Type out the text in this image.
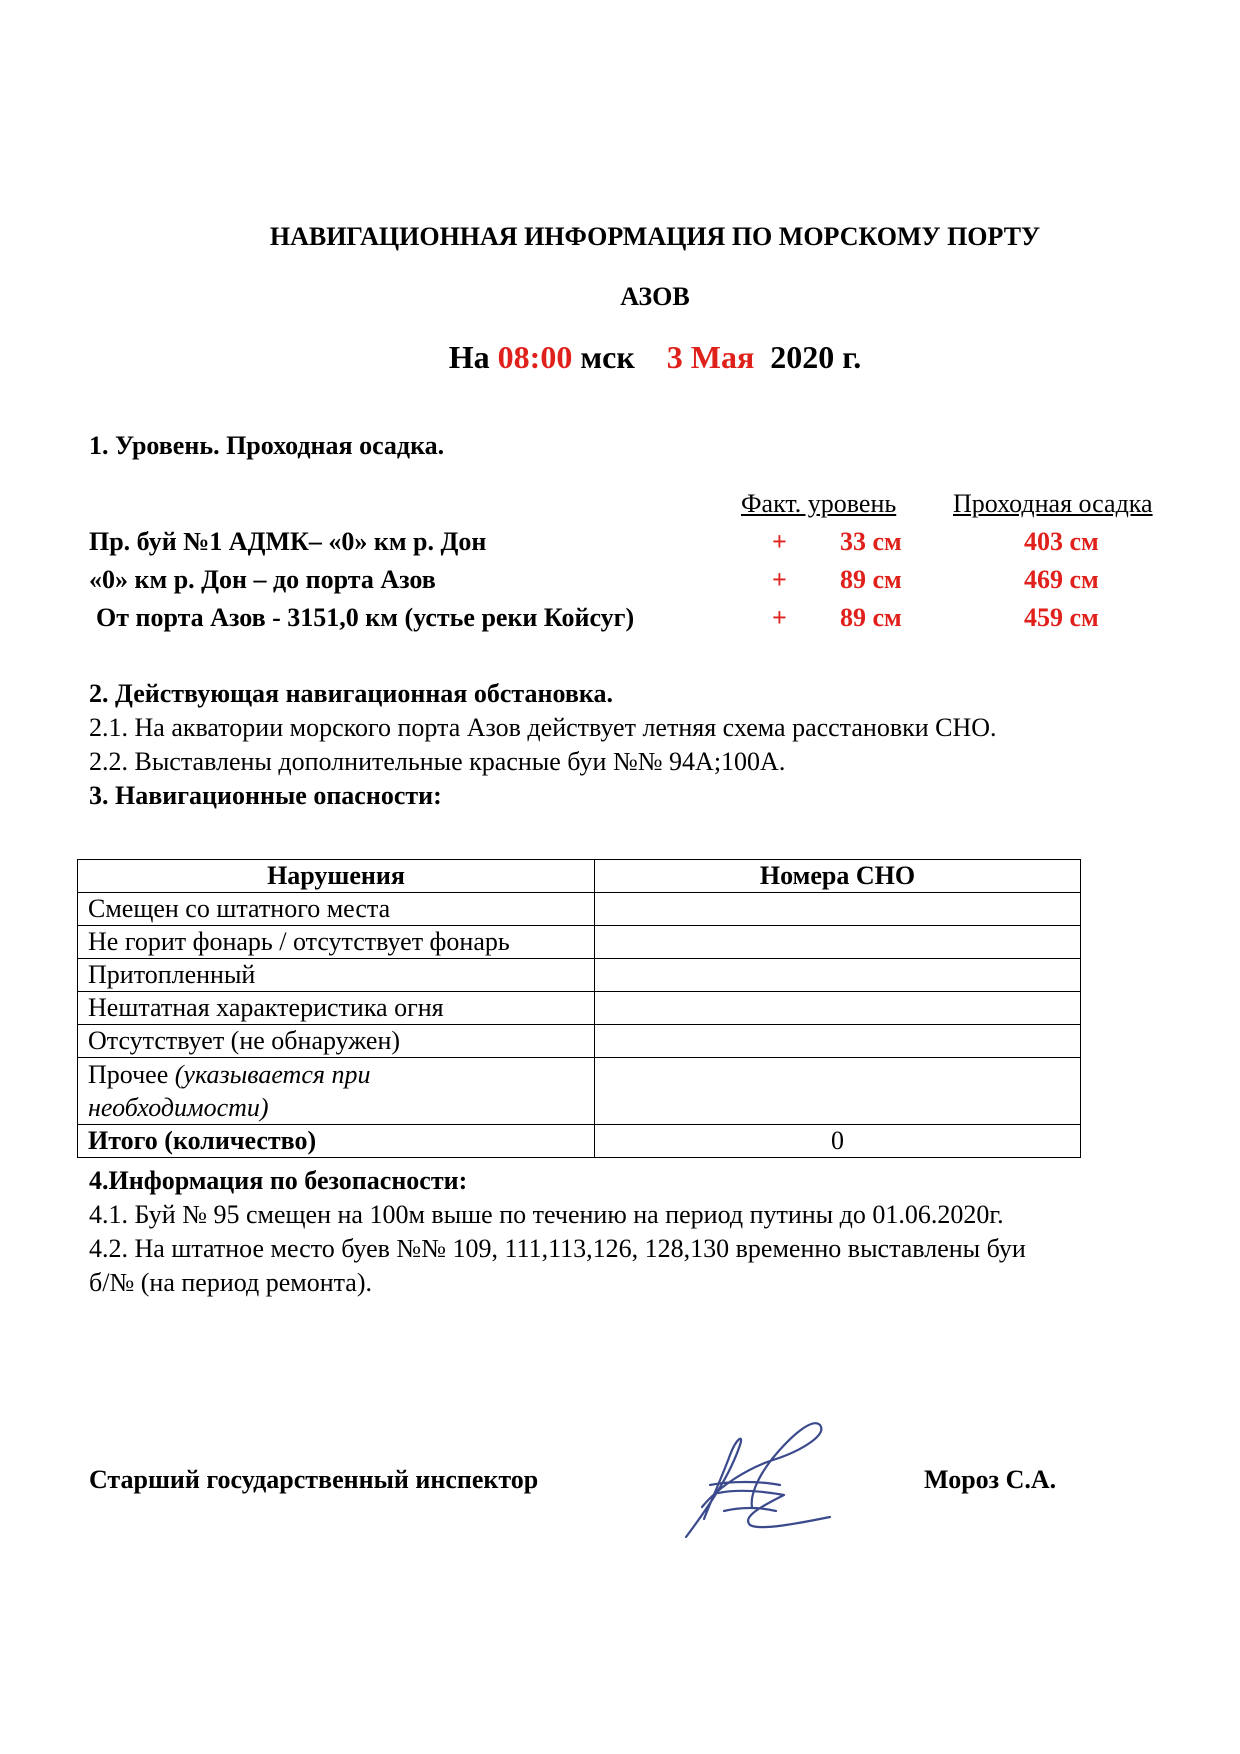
НАВИГАЦИОННАЯ ИНФОРМАЦИЯ ПО МОРСКОМУ ПОРТУ
АЗОВ
На 08:00 мск 3 Мая 2020 г.
1. Уровень. Проходная осадка.
Факт. уровень Проходная осадка
Пр. буй №1 АДМК– «0» км р. Дон	+ 33 см	403 см
«0» км р. Дон – до порта Азов	+ 89 см	469 см
От порта Азов - 3151,0 км (устье реки Койсуг)	+ 89 см	459 см
2. Действующая навигационная обстановка.
2.1. На акватории морского порта Азов действует летняя схема расстановки СНО.
2.2. Выставлены дополнительные красные буи №№ 94А;100А.
3. Навигационные опасности:
Нарушения	Номера СНО
Смещен со штатного места	
Не горит фонарь / отсутствует фонарь	
Притопленный	
Нештатная характеристика огня	
Отсутствует (не обнаружен)	
Прочее (указывается при
необходимости)	
Итого (количество)	0
4.Информация по безопасности:
4.1. Буй № 95 смещен на 100м выше по течению на период путины до 01.06.2020г.
4.2. На штатное место буев №№ 109, 111,113,126, 128,130 временно выставлены буи
б/№ (на период ремонта).
Старший государственный инспектор	Мороз С.А.
